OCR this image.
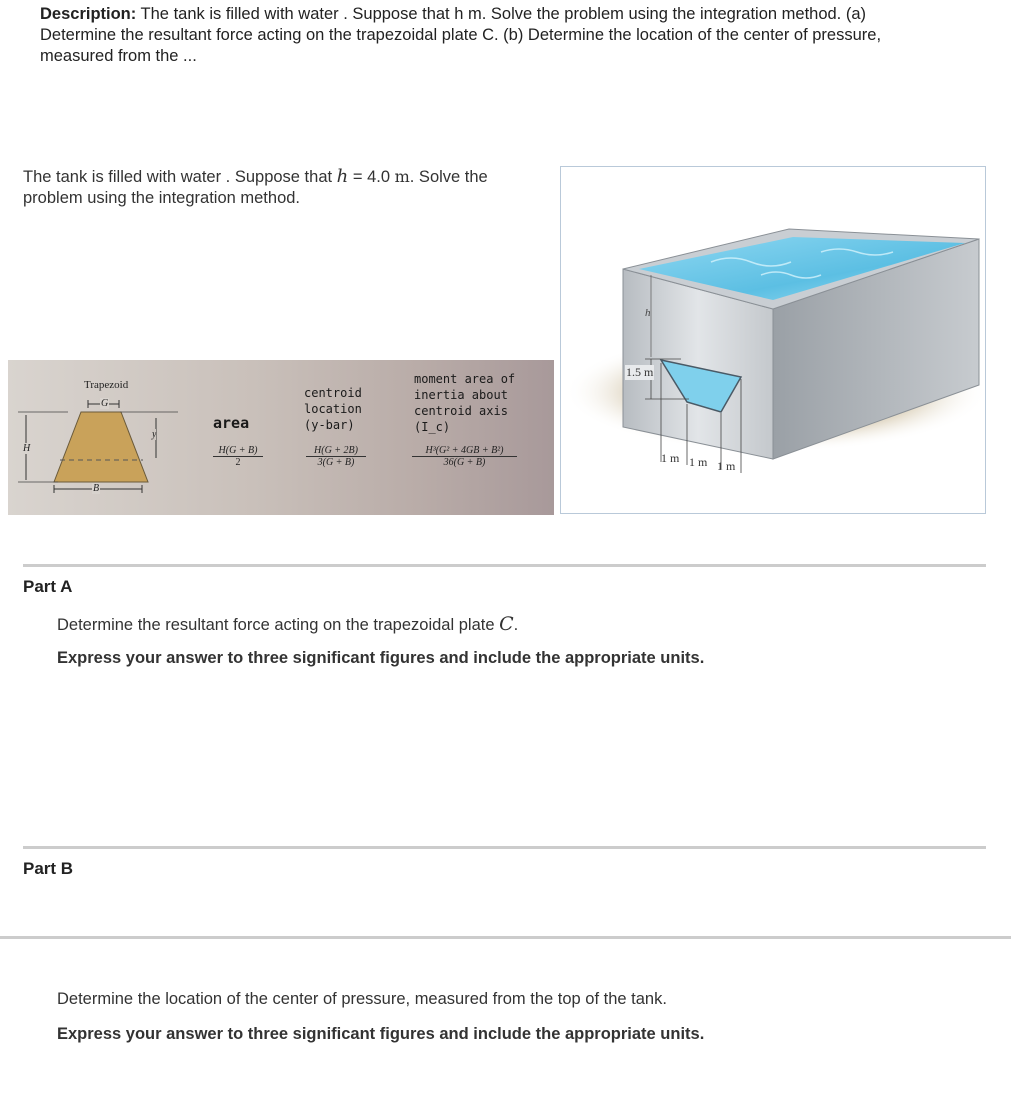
Description: The tank is filled with water . Suppose that h m. Solve the problem using the integration method. (a) Determine the resultant force acting on the trapezoidal plate C. (b) Determine the location of the center of pressure, measured from the ...
The tank is filled with water . Suppose that h = 4.0 m. Solve the problem using the integration method.
Trapezoid
G
B
H
y
area
centroid
location
(y-bar)
moment area of
inertia about
centroid axis
(I_c)
$\frac{H(G + B)}{2}$	$\frac{H(G + 2B)}{3(G + B)}$	$\frac{\text{H³(G² + 4GB + B²)}}{36(G + B)}$
h
1.5 m
1 m 1 m 1 m
Part A
Determine the resultant force acting on the trapezoidal plate C.
Express your answer to three significant figures and include the appropriate units.
Part B
Determine the location of the center of pressure, measured from the top of the tank.
Express your answer to three significant figures and include the appropriate units.
